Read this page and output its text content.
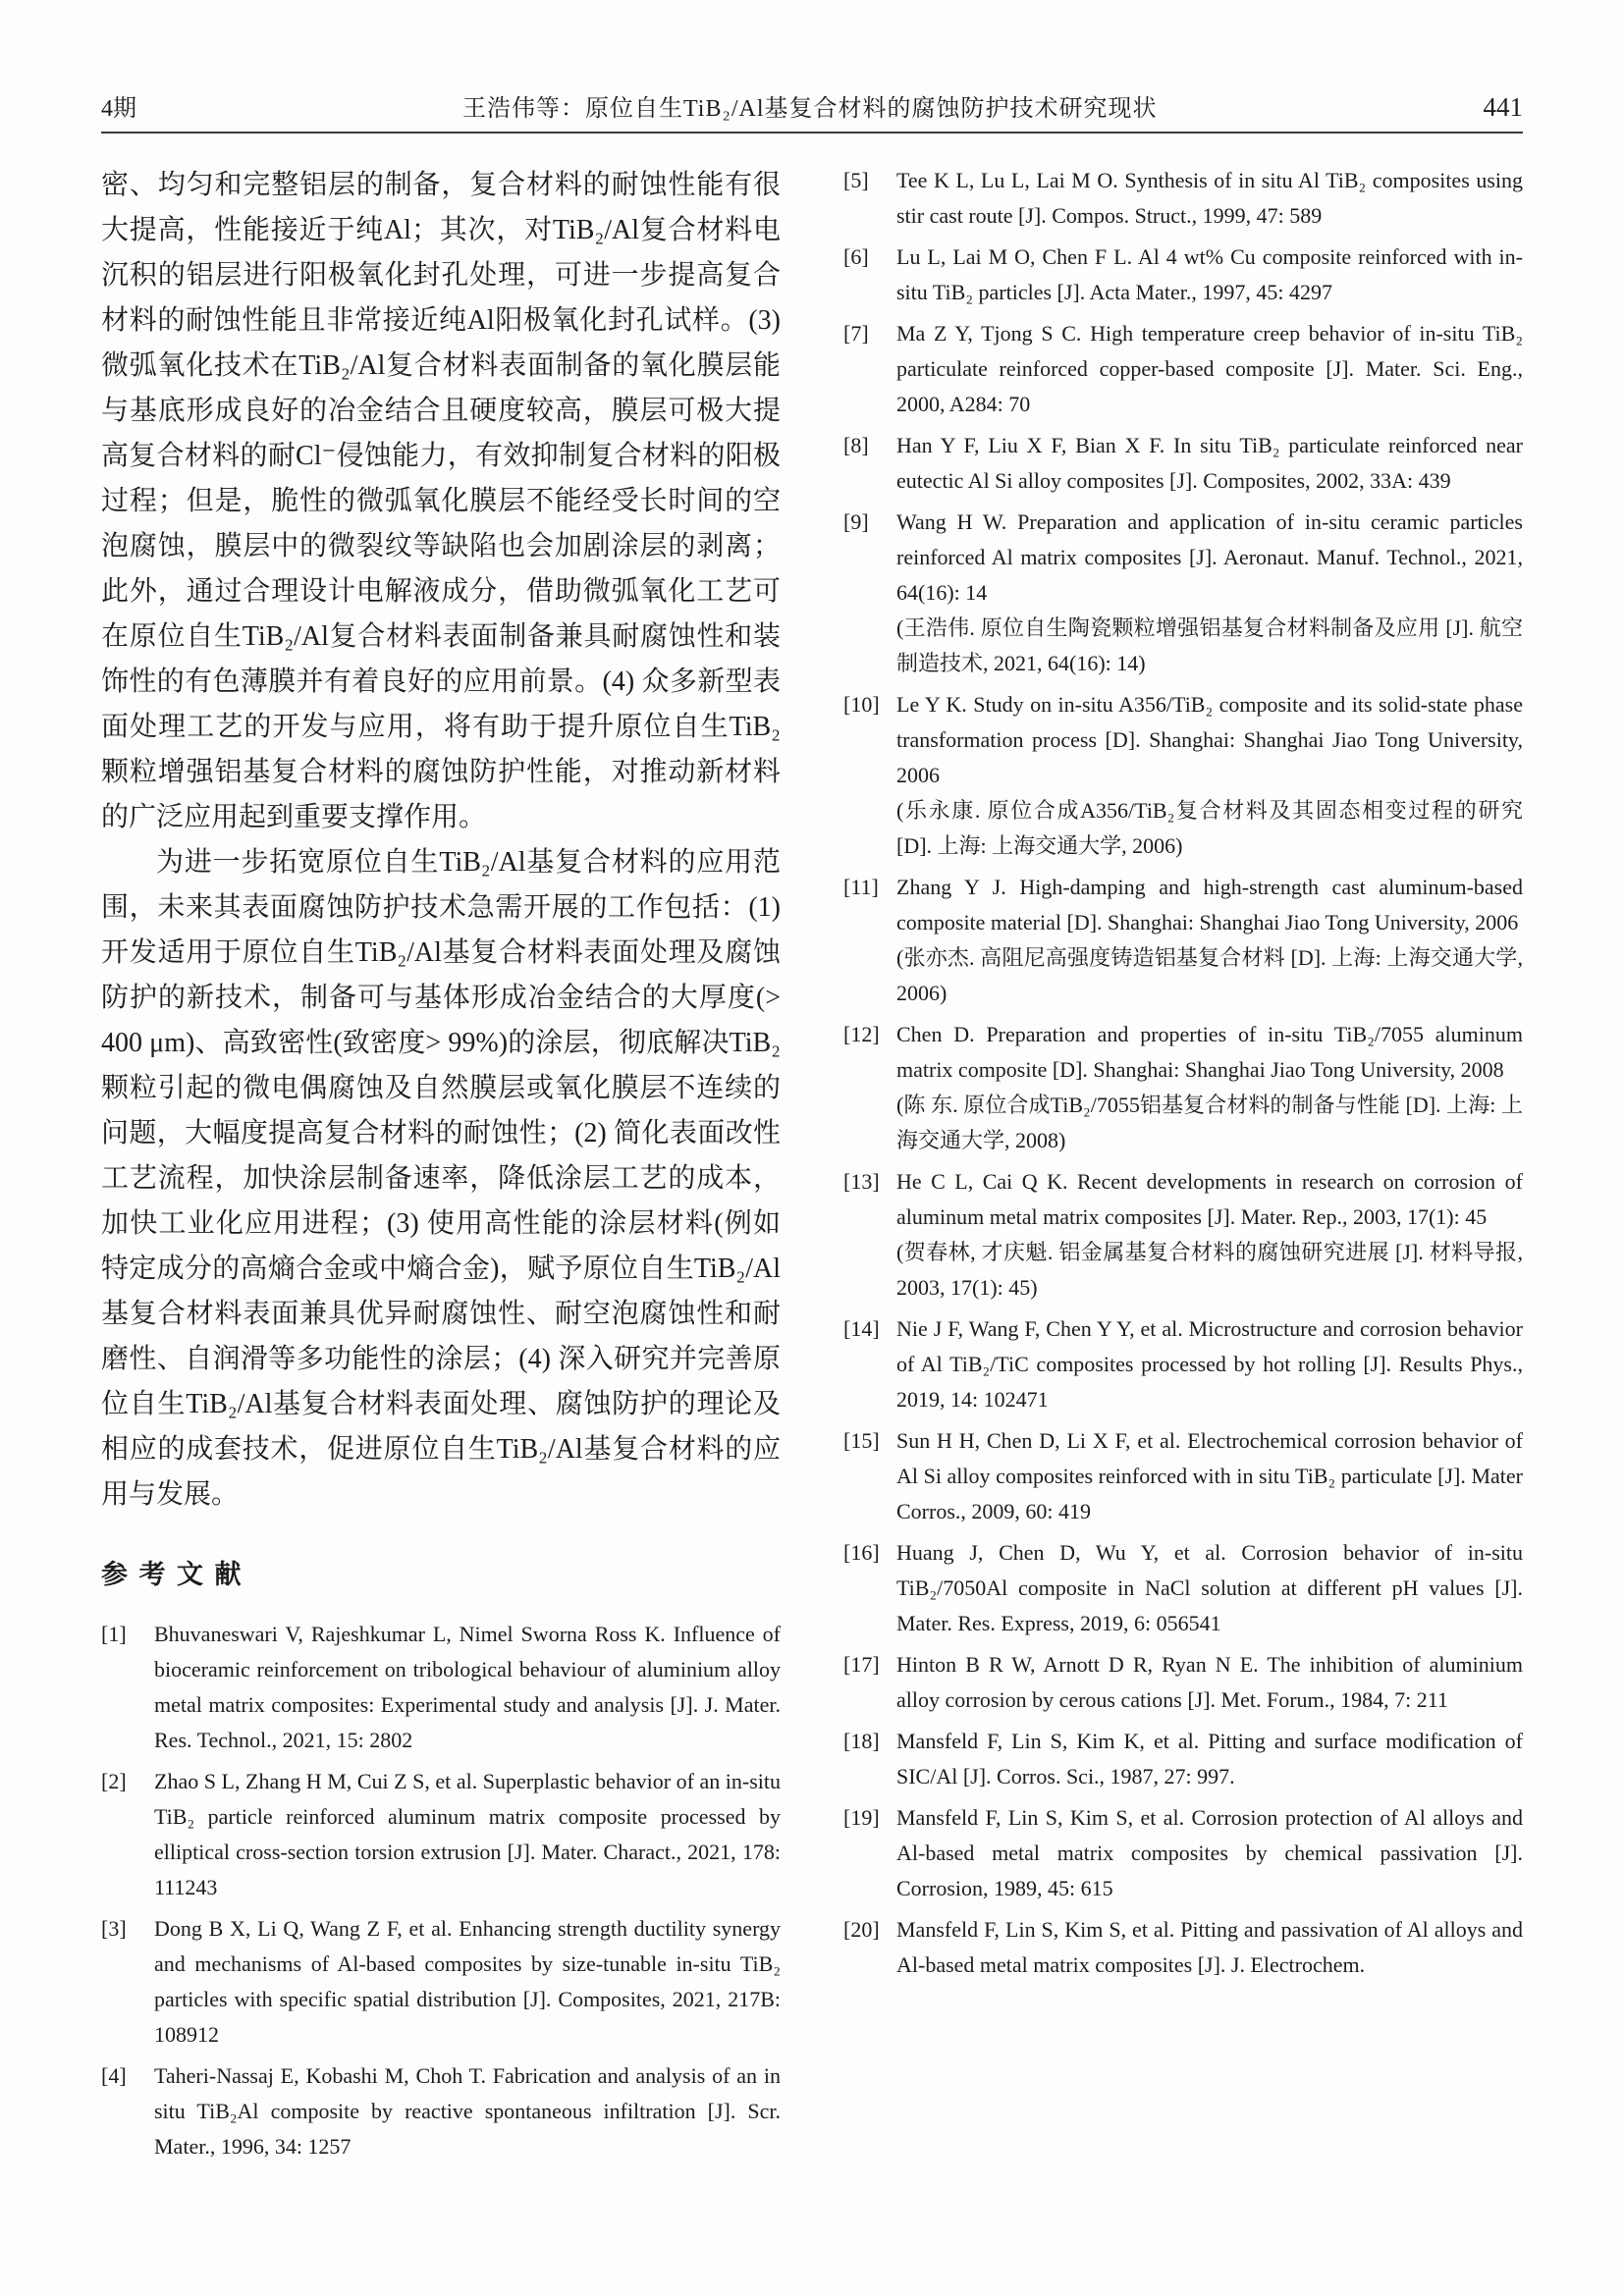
4期	王浩伟等：原位自生TiB₂/Al基复合材料的腐蚀防护技术研究现状	441

密、均匀和完整铝层的制备，复合材料的耐蚀性能有很大提高，性能接近于纯Al；其次，对TiB₂/Al复合材料电沉积的铝层进行阳极氧化封孔处理，可进一步提高复合材料的耐蚀性能且非常接近纯Al阳极氧化封孔试样。(3) 微弧氧化技术在TiB₂/Al复合材料表面制备的氧化膜层能与基底形成良好的冶金结合且硬度较高，膜层可极大提高复合材料的耐Cl⁻侵蚀能力，有效抑制复合材料的阳极过程；但是，脆性的微弧氧化膜层不能经受长时间的空泡腐蚀，膜层中的微裂纹等缺陷也会加剧涂层的剥离；此外，通过合理设计电解液成分，借助微弧氧化工艺可在原位自生TiB₂/Al复合材料表面制备兼具耐腐蚀性和装饰性的有色薄膜并有着良好的应用前景。(4) 众多新型表面处理工艺的开发与应用，将有助于提升原位自生TiB₂颗粒增强铝基复合材料的腐蚀防护性能，对推动新材料的广泛应用起到重要支撑作用。

为进一步拓宽原位自生TiB₂/Al基复合材料的应用范围，未来其表面腐蚀防护技术急需开展的工作包括：(1) 开发适用于原位自生TiB₂/Al基复合材料表面处理及腐蚀防护的新技术，制备可与基体形成冶金结合的大厚度(> 400 μm)、高致密性(致密度> 99%)的涂层，彻底解决TiB₂颗粒引起的微电偶腐蚀及自然膜层或氧化膜层不连续的问题，大幅度提高复合材料的耐蚀性；(2) 简化表面改性工艺流程，加快涂层制备速率，降低涂层工艺的成本，加快工业化应用进程；(3) 使用高性能的涂层材料(例如特定成分的高熵合金或中熵合金)，赋予原位自生TiB₂/Al基复合材料表面兼具优异耐腐蚀性、耐空泡腐蚀性和耐磨性、自润滑等多功能性的涂层；(4) 深入研究并完善原位自生TiB₂/Al基复合材料表面处理、腐蚀防护的理论及相应的成套技术，促进原位自生TiB₂/Al基复合材料的应用与发展。

参 考 文 献
[1]	Bhuvaneswari V, Rajeshkumar L, Nimel Sworna Ross K. Influence of bioceramic reinforcement on tribological behaviour of aluminium alloy metal matrix composites: Experimental study and analysis [J]. J. Mater. Res. Technol., 2021, 15: 2802
[2]	Zhao S L, Zhang H M, Cui Z S, et al. Superplastic behavior of an in-situ TiB₂ particle reinforced aluminum matrix composite processed by elliptical cross-section torsion extrusion [J]. Mater. Charact., 2021, 178: 111243
[3]	Dong B X, Li Q, Wang Z F, et al. Enhancing strength ductility synergy and mechanisms of Al-based composites by size-tunable in-situ TiB₂ particles with specific spatial distribution [J]. Composites, 2021, 217B: 108912
[4]	Taheri-Nassaj E, Kobashi M, Choh T. Fabrication and analysis of an in situ TiB₂Al composite by reactive spontaneous infiltration [J]. Scr. Mater., 1996, 34: 1257
[5]	Tee K L, Lu L, Lai M O. Synthesis of in situ Al TiB₂ composites using stir cast route [J]. Compos. Struct., 1999, 47: 589
[6]	Lu L, Lai M O, Chen F L. Al 4 wt% Cu composite reinforced with in-situ TiB₂ particles [J]. Acta Mater., 1997, 45: 4297
[7]	Ma Z Y, Tjong S C. High temperature creep behavior of in-situ TiB₂ particulate reinforced copper-based composite [J]. Mater. Sci. Eng., 2000, A284: 70
[8]	Han Y F, Liu X F, Bian X F. In situ TiB₂ particulate reinforced near eutectic Al Si alloy composites [J]. Composites, 2002, 33A: 439
[9]	Wang H W. Preparation and application of in-situ ceramic particles reinforced Al matrix composites [J]. Aeronaut. Manuf. Technol., 2021, 64(16): 14
(王浩伟. 原位自生陶瓷颗粒增强铝基复合材料制备及应用 [J]. 航空制造技术, 2021, 64(16): 14)
[10] Le Y K. Study on in-situ A356/TiB₂ composite and its solid-state phase transformation process [D]. Shanghai: Shanghai Jiao Tong University, 2006
(乐永康. 原位合成A356/TiB₂复合材料及其固态相变过程的研究 [D]. 上海: 上海交通大学, 2006)
[11] Zhang Y J. High-damping and high-strength cast aluminum-based composite material [D]. Shanghai: Shanghai Jiao Tong University, 2006
(张亦杰. 高阻尼高强度铸造铝基复合材料 [D]. 上海: 上海交通大学, 2006)
[12] Chen D. Preparation and properties of in-situ TiB₂/7055 aluminum matrix composite [D]. Shanghai: Shanghai Jiao Tong University, 2008
(陈 东. 原位合成TiB₂/7055铝基复合材料的制备与性能 [D]. 上海: 上海交通大学, 2008)
[13] He C L, Cai Q K. Recent developments in research on corrosion of aluminum metal matrix composites [J]. Mater. Rep., 2003, 17(1): 45
(贺春林, 才庆魁. 铝金属基复合材料的腐蚀研究进展 [J]. 材料导报, 2003, 17(1): 45)
[14] Nie J F, Wang F, Chen Y Y, et al. Microstructure and corrosion behavior of Al TiB₂/TiC composites processed by hot rolling [J]. Results Phys., 2019, 14: 102471
[15] Sun H H, Chen D, Li X F, et al. Electrochemical corrosion behavior of Al Si alloy composites reinforced with in situ TiB₂ particulate [J]. Mater Corros., 2009, 60: 419
[16] Huang J, Chen D, Wu Y, et al. Corrosion behavior of in-situ TiB₂/7050Al composite in NaCl solution at different pH values [J]. Mater. Res. Express, 2019, 6: 056541
[17] Hinton B R W, Arnott D R, Ryan N E. The inhibition of aluminium alloy corrosion by cerous cations [J]. Met. Forum., 1984, 7: 211
[18] Mansfeld F, Lin S, Kim K, et al. Pitting and surface modification of SIC/Al [J]. Corros. Sci., 1987, 27: 997.
[19] Mansfeld F, Lin S, Kim S, et al. Corrosion protection of Al alloys and Al-based metal matrix composites by chemical passivation [J]. Corrosion, 1989, 45: 615
[20] Mansfeld F, Lin S, Kim S, et al. Pitting and passivation of Al alloys and Al-based metal matrix composites [J]. J. Electrochem.
